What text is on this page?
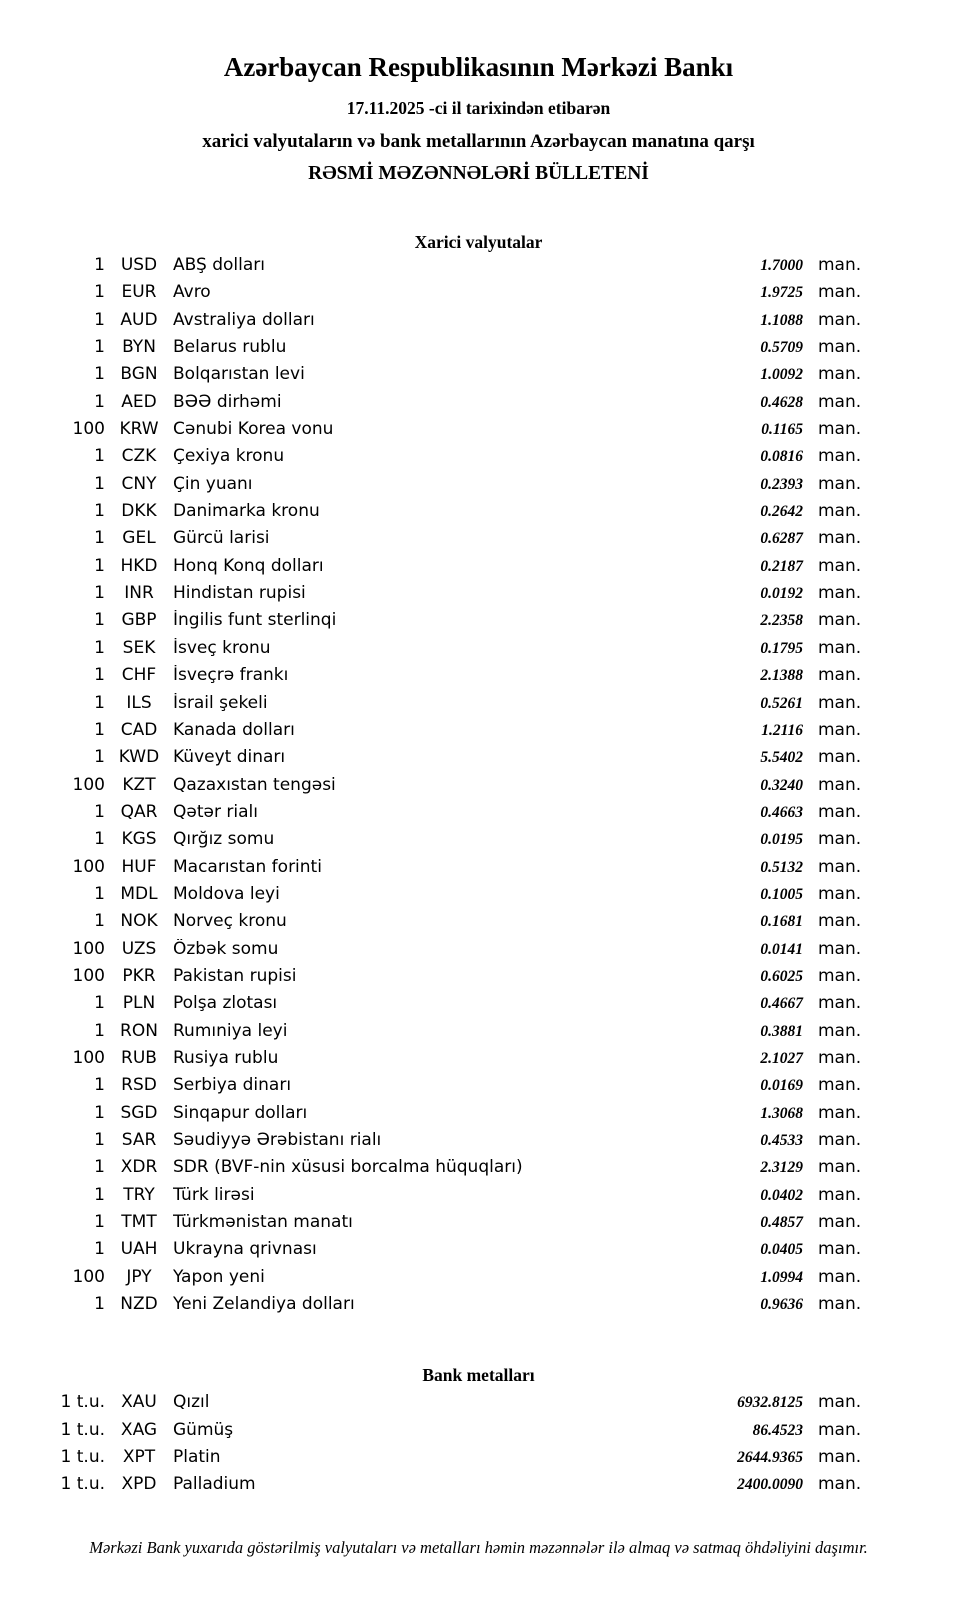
Azərbaycan Respublikasının Mərkəzi Bankı
17.11.2025 -ci il tarixindən etibarən
xarici valyutaların və bank metallarının Azərbaycan manatına qarşı
RƏSMİ MƏZƏNNƏLƏRİ BÜLLETENİ
Xarici valyutalar
1 USD ABŞ dolları	1.7000 man.
1 EUR Avro	1.9725 man.
1 AUD Avstraliya dolları	1.1088 man.
1	BYN	Belarus rublu	0.5709 man.
1 BGN Bolqarıstan levi	1.0092 man.
1 AED BƏƏ dirhəmi	0.4628 man.
100 KRW Cənubi Korea vonu	0.1165 man.
1 CZK Çexiya kronu	0.0816 man.
1 CNY Çin yuanı	0.2393 man.
1 DKK Danimarka kronu	0.2642 man.
1	GEL	Gürcü larisi	0.6287 man.
1 HKD Honq Konq dolları	0.2187 man.
1	INR	Hindistan rupisi	0.0192 man.
1 GBP İngilis funt sterlinqi	2.2358 man.
1	SEK	İsveç kronu	0.1795 man.
1 CHF İsveçrə frankı	2.1388 man.
1	ILS	İsrail şekeli	0.5261 man.
1 CAD Kanada dolları	1.2116 man.
1 KWD Küveyt dinarı	5.5402 man.
100	KZT	Qazaxıstan tengəsi	0.3240 man.
1 QAR Qətər rialı	0.4663 man.
1 KGS Qırğız somu	0.0195 man.
100 HUF Macarıstan forinti	0.5132 man.
1 MDL Moldova leyi	0.1005 man.
1 NOK Norveç kronu	0.1681 man.
100 UZS Özbək somu	0.0141 man.
100	PKR	Pakistan rupisi	0.6025 man.
1	PLN	Polşa zlotası	0.4667 man.
1 RON Rumıniya leyi	0.3881 man.
100 RUB Rusiya rublu	2.1027 man.
1 RSD Serbiya dinarı	0.0169 man.
1 SGD Sinqapur dolları	1.3068 man.
1 SAR Səudiyyə Ərəbistanı rialı	0.4533 man.
1 XDR SDR (BVF-nin xüsusi borcalma hüquqları)	2.3129 man.
1	TRY	Türk lirəsi	0.0402 man.
1 TMT Türkmənistan manatı	0.4857 man.
1 UAH Ukrayna qrivnası	0.0405 man.
100	JPY	Yapon yeni	1.0994 man.
1 NZD Yeni Zelandiya dolları	0.9636 man.
Bank metalları
1 t.u. XAU Qızıl	6932.8125 man.
1 t.u. XAG Gümüş	86.4523 man.
1 t.u.	XPT	Platin	2644.9365 man.
1 t.u. XPD Palladium	2400.0090 man.
Mərkəzi Bank yuxarıda göstərilmiş valyutaları və metalları həmin məzənnələr ilə almaq və satmaq öhdəliyini daşımır.
